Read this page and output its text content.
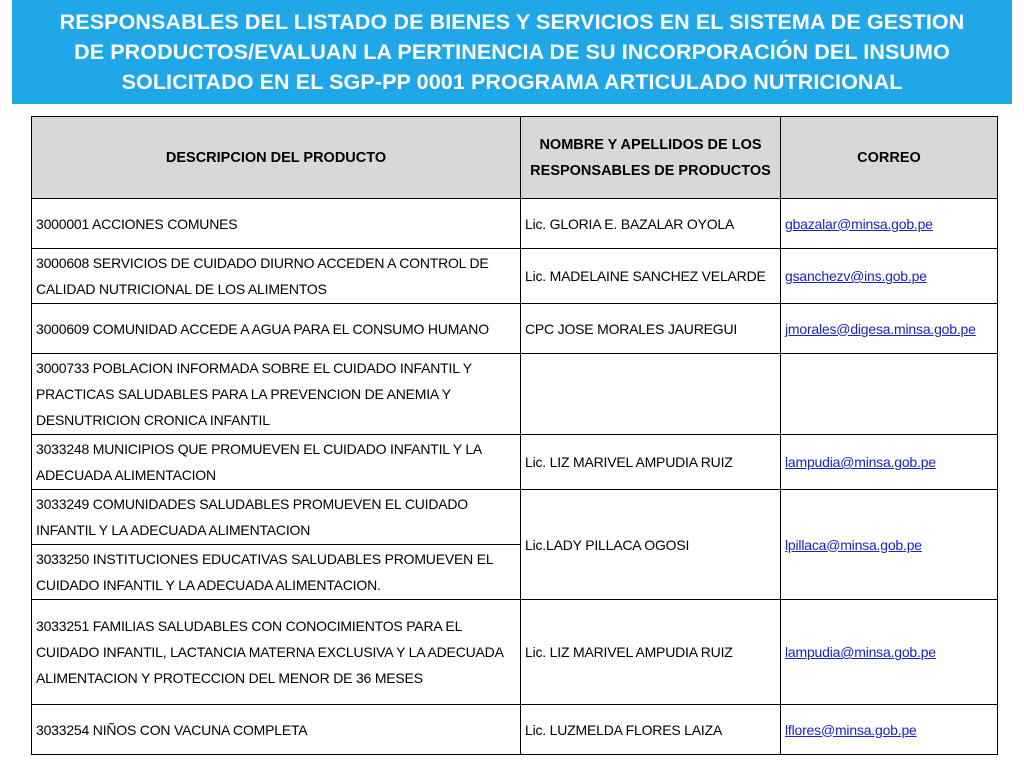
RESPONSABLES DEL LISTADO DE BIENES Y SERVICIOS EN EL SISTEMA DE GESTION
DE PRODUCTOS/EVALUAN LA PERTINENCIA DE SU INCORPORACIÓN DEL INSUMO
SOLICITADO EN EL SGP-PP 0001 PROGRAMA ARTICULADO NUTRICIONAL
DESCRIPCION DEL PRODUCTO	NOMBRE Y APELLIDOS DE LOS
RESPONSABLES DE PRODUCTOS	CORREO
3000001 ACCIONES COMUNES	Lic. GLORIA E. BAZALAR OYOLA	gbazalar@minsa.gob.pe
3000608 SERVICIOS DE CUIDADO DIURNO ACCEDEN A CONTROL DE CALIDAD NUTRICIONAL DE LOS ALIMENTOS	Lic. MADELAINE SANCHEZ VELARDE	gsanchezv@ins.gob.pe
3000609 COMUNIDAD ACCEDE A AGUA PARA EL CONSUMO HUMANO	CPC JOSE MORALES JAUREGUI	jmorales@digesa.minsa.gob.pe
3000733 POBLACION INFORMADA SOBRE EL CUIDADO INFANTIL Y PRACTICAS SALUDABLES PARA LA PREVENCION DE ANEMIA Y DESNUTRICION CRONICA INFANTIL		
3033248 MUNICIPIOS QUE PROMUEVEN EL CUIDADO INFANTIL Y LA ADECUADA ALIMENTACION	Lic. LIZ MARIVEL AMPUDIA RUIZ	lampudia@minsa.gob.pe
3033249 COMUNIDADES SALUDABLES PROMUEVEN EL CUIDADO INFANTIL Y LA ADECUADA ALIMENTACION	Lic.LADY PILLACA OGOSI	lpillaca@minsa.gob.pe
3033250 INSTITUCIONES EDUCATIVAS SALUDABLES PROMUEVEN EL CUIDADO INFANTIL Y LA ADECUADA ALIMENTACION.		
3033251 FAMILIAS SALUDABLES CON CONOCIMIENTOS PARA EL CUIDADO INFANTIL, LACTANCIA MATERNA EXCLUSIVA Y LA ADECUADA ALIMENTACION Y PROTECCION DEL MENOR DE 36 MESES	Lic. LIZ MARIVEL AMPUDIA RUIZ	lampudia@minsa.gob.pe
3033254 NIÑOS CON VACUNA COMPLETA	Lic. LUZMELDA FLORES LAIZA	lflores@minsa.gob.pe
